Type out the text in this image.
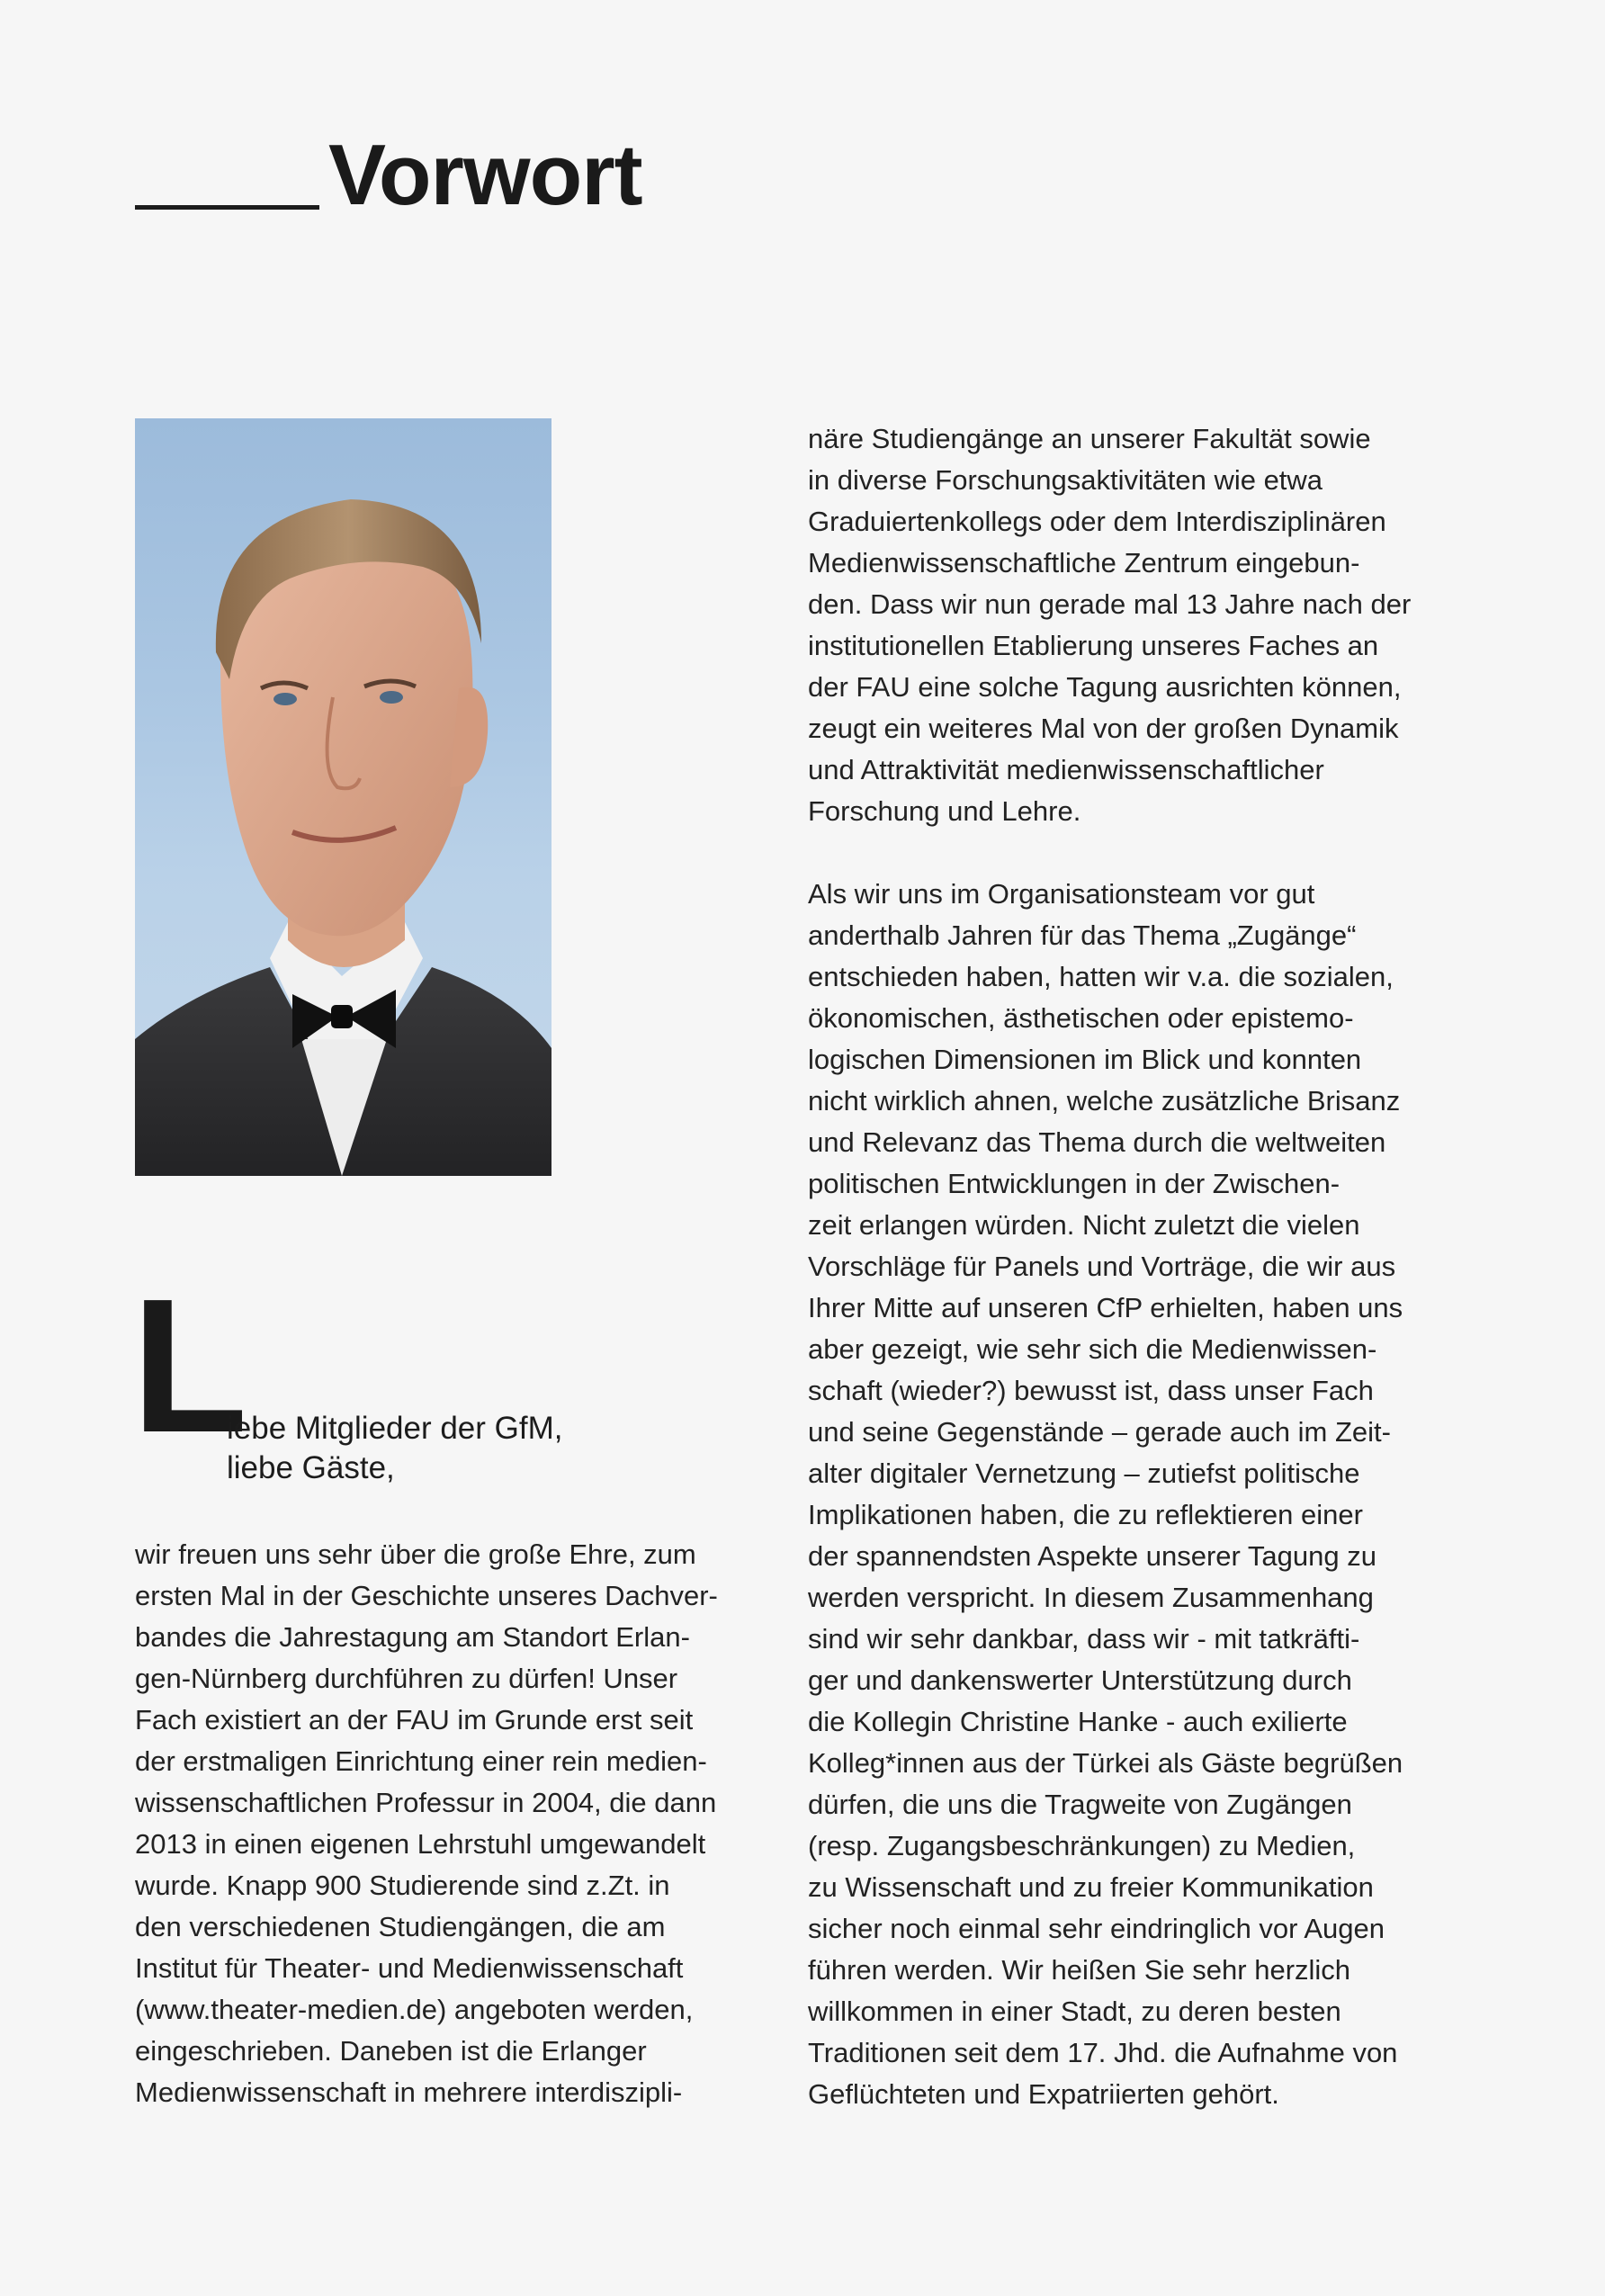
Vorwort
L
iebe Mitglieder der GfM,
liebe Gäste,
wir freuen uns sehr über die große Ehre, zum
ersten Mal in der Geschichte unseres Dachver-
bandes die Jahrestagung am Standort Erlan-
gen-Nürnberg durchführen zu dürfen! Unser
Fach existiert an der FAU im Grunde erst seit
der erstmaligen Einrichtung einer rein medien-
wissenschaftlichen Professur in 2004, die dann
2013 in einen eigenen Lehrstuhl umgewandelt
wurde. Knapp 900 Studierende sind z.Zt. in
den verschiedenen Studiengängen, die am
Institut für Theater- und Medienwissenschaft
(www.theater-medien.de) angeboten werden,
eingeschrieben. Daneben ist die Erlanger
Medienwissenschaft in mehrere interdisziplі-
näre Studiengänge an unserer Fakultät sowie
in diverse Forschungsaktivitäten wie etwa
Graduiertenkollegs oder dem Interdisziplinären
Medienwissenschaftliche Zentrum eingebun-
den. Dass wir nun gerade mal 13 Jahre nach der
institutionellen Etablierung unseres Faches an
der FAU eine solche Tagung ausrichten können,
zeugt ein weiteres Mal von der großen Dynamik
und Attraktivität medienwissenschaftlicher
Forschung und Lehre.
Als wir uns im Organisationsteam vor gut
anderthalb Jahren für das Thema „Zugänge“
entschieden haben, hatten wir v.a. die sozialen,
ökonomischen, ästhetischen oder epistemo-
logischen Dimensionen im Blick und konnten
nicht wirklich ahnen, welche zusätzliche Brisanz
und Relevanz das Thema durch die weltweiten
politischen Entwicklungen in der Zwischen-
zeit erlangen würden. Nicht zuletzt die vielen
Vorschläge für Panels und Vorträge, die wir aus
Ihrer Mitte auf unseren CfP erhielten, haben uns
aber gezeigt, wie sehr sich die Medienwissen-
schaft (wieder?) bewusst ist, dass unser Fach
und seine Gegenstände – gerade auch im Zeit-
alter digitaler Vernetzung – zutiefst politische
Implikationen haben, die zu reflektieren einer
der spannendsten Aspekte unserer Tagung zu
werden verspricht. In diesem Zusammenhang
sind wir sehr dankbar, dass wir - mit tatkräfti-
ger und dankenswerter Unterstützung durch
die Kollegin Christine Hanke - auch exilierte
Kolleg*innen aus der Türkei als Gäste begrüßen
dürfen, die uns die Tragweite von Zugängen
(resp. Zugangsbeschränkungen) zu Medien,
zu Wissenschaft und zu freier Kommunikation
sicher noch einmal sehr eindringlich vor Augen
führen werden. Wir heißen Sie sehr herzlich
willkommen in einer Stadt, zu deren besten
Traditionen seit dem 17. Jhd. die Aufnahme von
Geflüchteten und Expatriierten gehört.
